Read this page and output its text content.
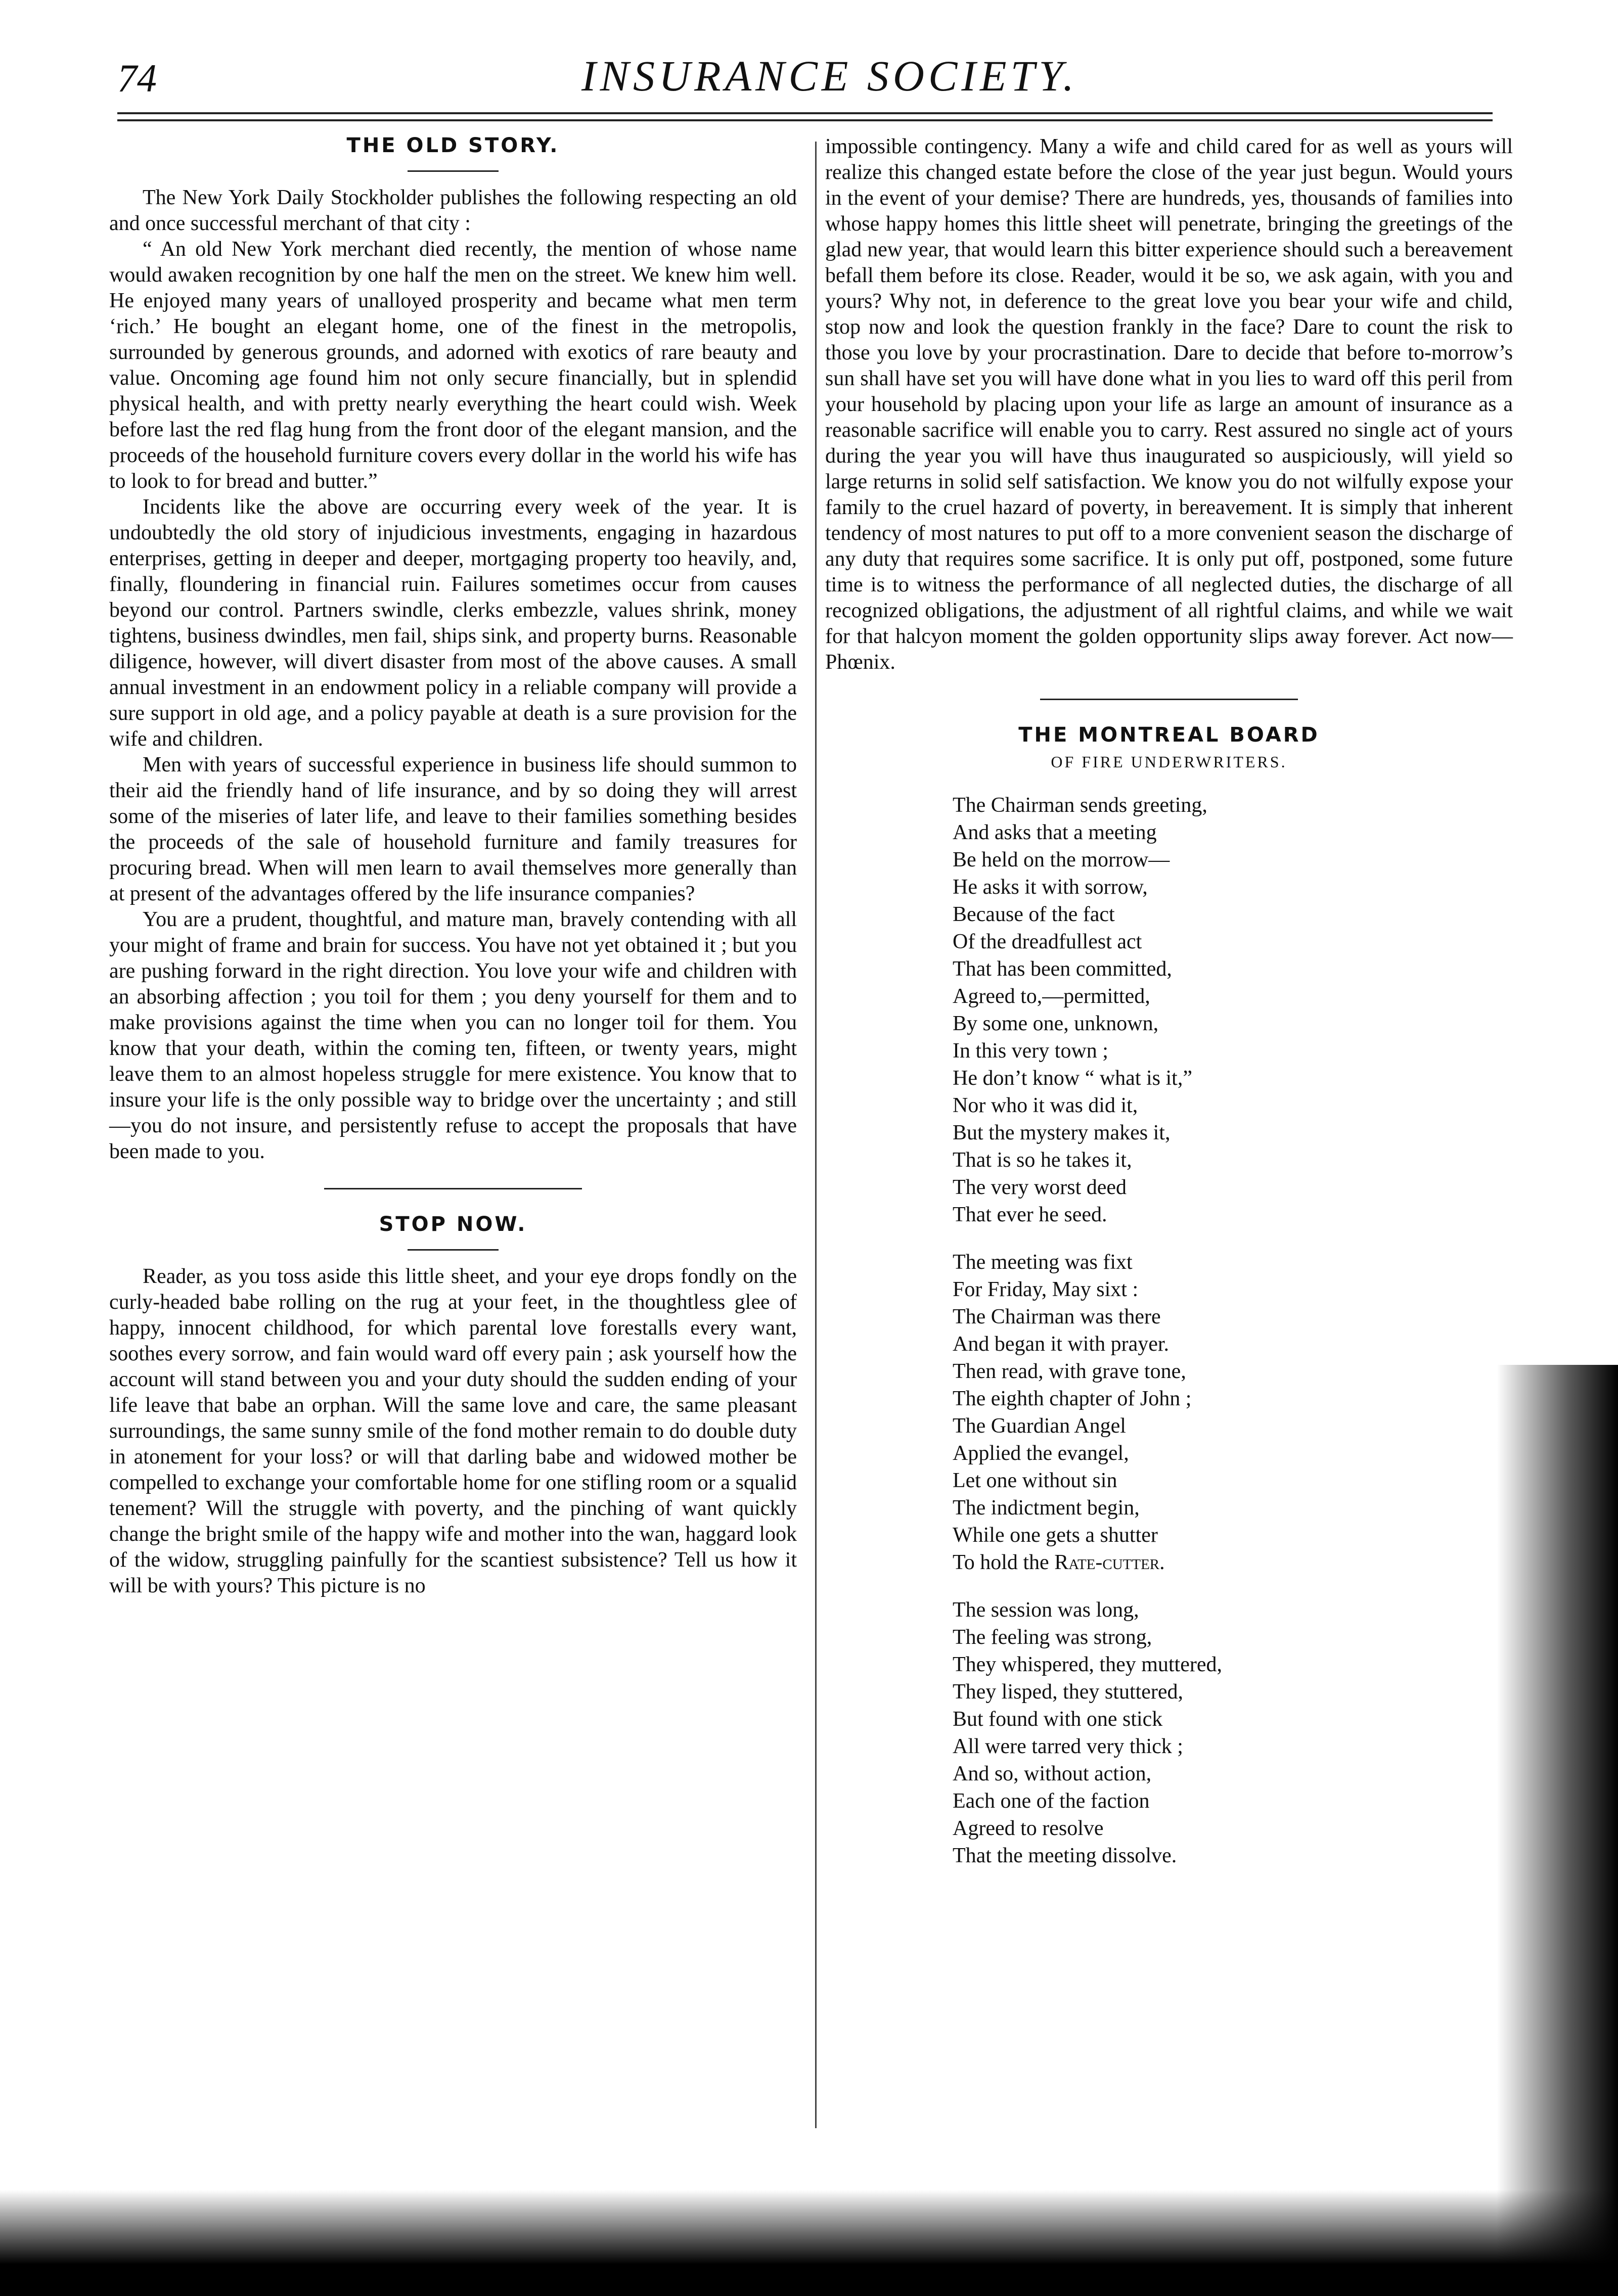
74	INSURANCE SOCIETY.
THE OLD STORY.

The New York Daily Stockholder publishes the following respecting an old and once successful merchant of that city :

“ An old New York merchant died recently, the mention of whose name would awaken recognition by one half the men on the street. We knew him well. He enjoyed many years of unalloyed prosperity and became what men term ‘rich.’ He bought an elegant home, one of the finest in the metropolis, surrounded by generous grounds, and adorned with exotics of rare beauty and value. Oncoming age found him not only secure financially, but in splendid physical health, and with pretty nearly everything the heart could wish. Week before last the red flag hung from the front door of the elegant mansion, and the proceeds of the household furniture covers every dollar in the world his wife has to look to for bread and butter.”

Incidents like the above are occurring every week of the year. It is undoubtedly the old story of injudicious investments, engaging in hazardous enterprises, getting in deeper and deeper, mortgaging property too heavily, and, finally, floundering in financial ruin. Failures sometimes occur from causes beyond our control. Partners swindle, clerks embezzle, values shrink, money tightens, business dwindles, men fail, ships sink, and property burns. Reasonable diligence, however, will divert disaster from most of the above causes. A small annual investment in an endowment policy in a reliable company will provide a sure support in old age, and a policy payable at death is a sure provision for the wife and children.

Men with years of successful experience in business life should summon to their aid the friendly hand of life insurance, and by so doing they will arrest some of the miseries of later life, and leave to their families something besides the proceeds of the sale of household furniture and family treasures for procuring bread. When will men learn to avail themselves more generally than at present of the advantages offered by the life insurance companies?

You are a prudent, thoughtful, and mature man, bravely contending with all your might of frame and brain for success. You have not yet obtained it ; but you are pushing forward in the right direction. You love your wife and children with an absorbing affection ; you toil for them ; you deny yourself for them and to make provisions against the time when you can no longer toil for them. You know that your death, within the coming ten, fifteen, or twenty years, might leave them to an almost hopeless struggle for mere existence. You know that to insure your life is the only possible way to bridge over the uncertainty ; and still—you do not insure, and persistently refuse to accept the proposals that have been made to you.

STOP NOW.

Reader, as you toss aside this little sheet, and your eye drops fondly on the curly-headed babe rolling on the rug at your feet, in the thoughtless glee of happy, innocent childhood, for which parental love forestalls every want, soothes every sorrow, and fain would ward off every pain ; ask yourself how the account will stand between you and your duty should the sudden ending of your life leave that babe an orphan. Will the same love and care, the same pleasant surroundings, the same sunny smile of the fond mother remain to do double duty in atonement for your loss? or will that darling babe and widowed mother be compelled to exchange your comfortable home for one stifling room or a squalid tenement? Will the struggle with poverty, and the pinching of want quickly change the bright smile of the happy wife and mother into the wan, haggard look of the widow, struggling painfully for the scantiest subsistence? Tell us how it will be with yours? This picture is no

impossible contingency. Many a wife and child cared for as well as yours will realize this changed estate before the close of the year just begun. Would yours in the event of your demise? There are hundreds, yes, thousands of families into whose happy homes this little sheet will penetrate, bringing the greetings of the glad new year, that would learn this bitter experience should such a bereavement befall them before its close. Reader, would it be so, we ask again, with you and yours? Why not, in deference to the great love you bear your wife and child, stop now and look the question frankly in the face? Dare to count the risk to those you love by your procrastination. Dare to decide that before to-morrow’s sun shall have set you will have done what in you lies to ward off this peril from your household by placing upon your life as large an amount of insurance as a reasonable sacrifice will enable you to carry. Rest assured no single act of yours during the year you will have thus inaugurated so auspiciously, will yield so large returns in solid self satisfaction. We know you do not wilfully expose your family to the cruel hazard of poverty, in bereavement. It is simply that inherent tendency of most natures to put off to a more convenient season the discharge of any duty that requires some sacrifice. It is only put off, postponed, some future time is to witness the performance of all neglected duties, the discharge of all recognized obligations, the adjustment of all rightful claims, and while we wait for that halcyon moment the golden opportunity slips away forever. Act now—Phœnix.

THE MONTREAL BOARD
OF FIRE UNDERWRITERS.
The Chairman sends greeting,
And asks that a meeting
Be held on the morrow—
He asks it with sorrow,
Because of the fact
Of the dreadfullest act
That has been committed,
Agreed to,—permitted,
By some one, unknown,
In this very town ;
He don’t know “ what is it,”
Nor who it was did it,
But the mystery makes it,
That is so he takes it,
The very worst deed
That ever he seed.
The meeting was fixt
For Friday, May sixt :
The Chairman was there
And began it with prayer.
Then read, with grave tone,
The eighth chapter of John ;
The Guardian Angel
Applied the evangel,
Let one without sin
The indictment begin,
While one gets a shutter
To hold the Rate-cutter.
The session was long,
The feeling was strong,
They whispered, they muttered,
They lisped, they stuttered,
But found with one stick
All were tarred very thick ;
And so, without action,
Each one of the faction
Agreed to resolve
That the meeting dissolve.
